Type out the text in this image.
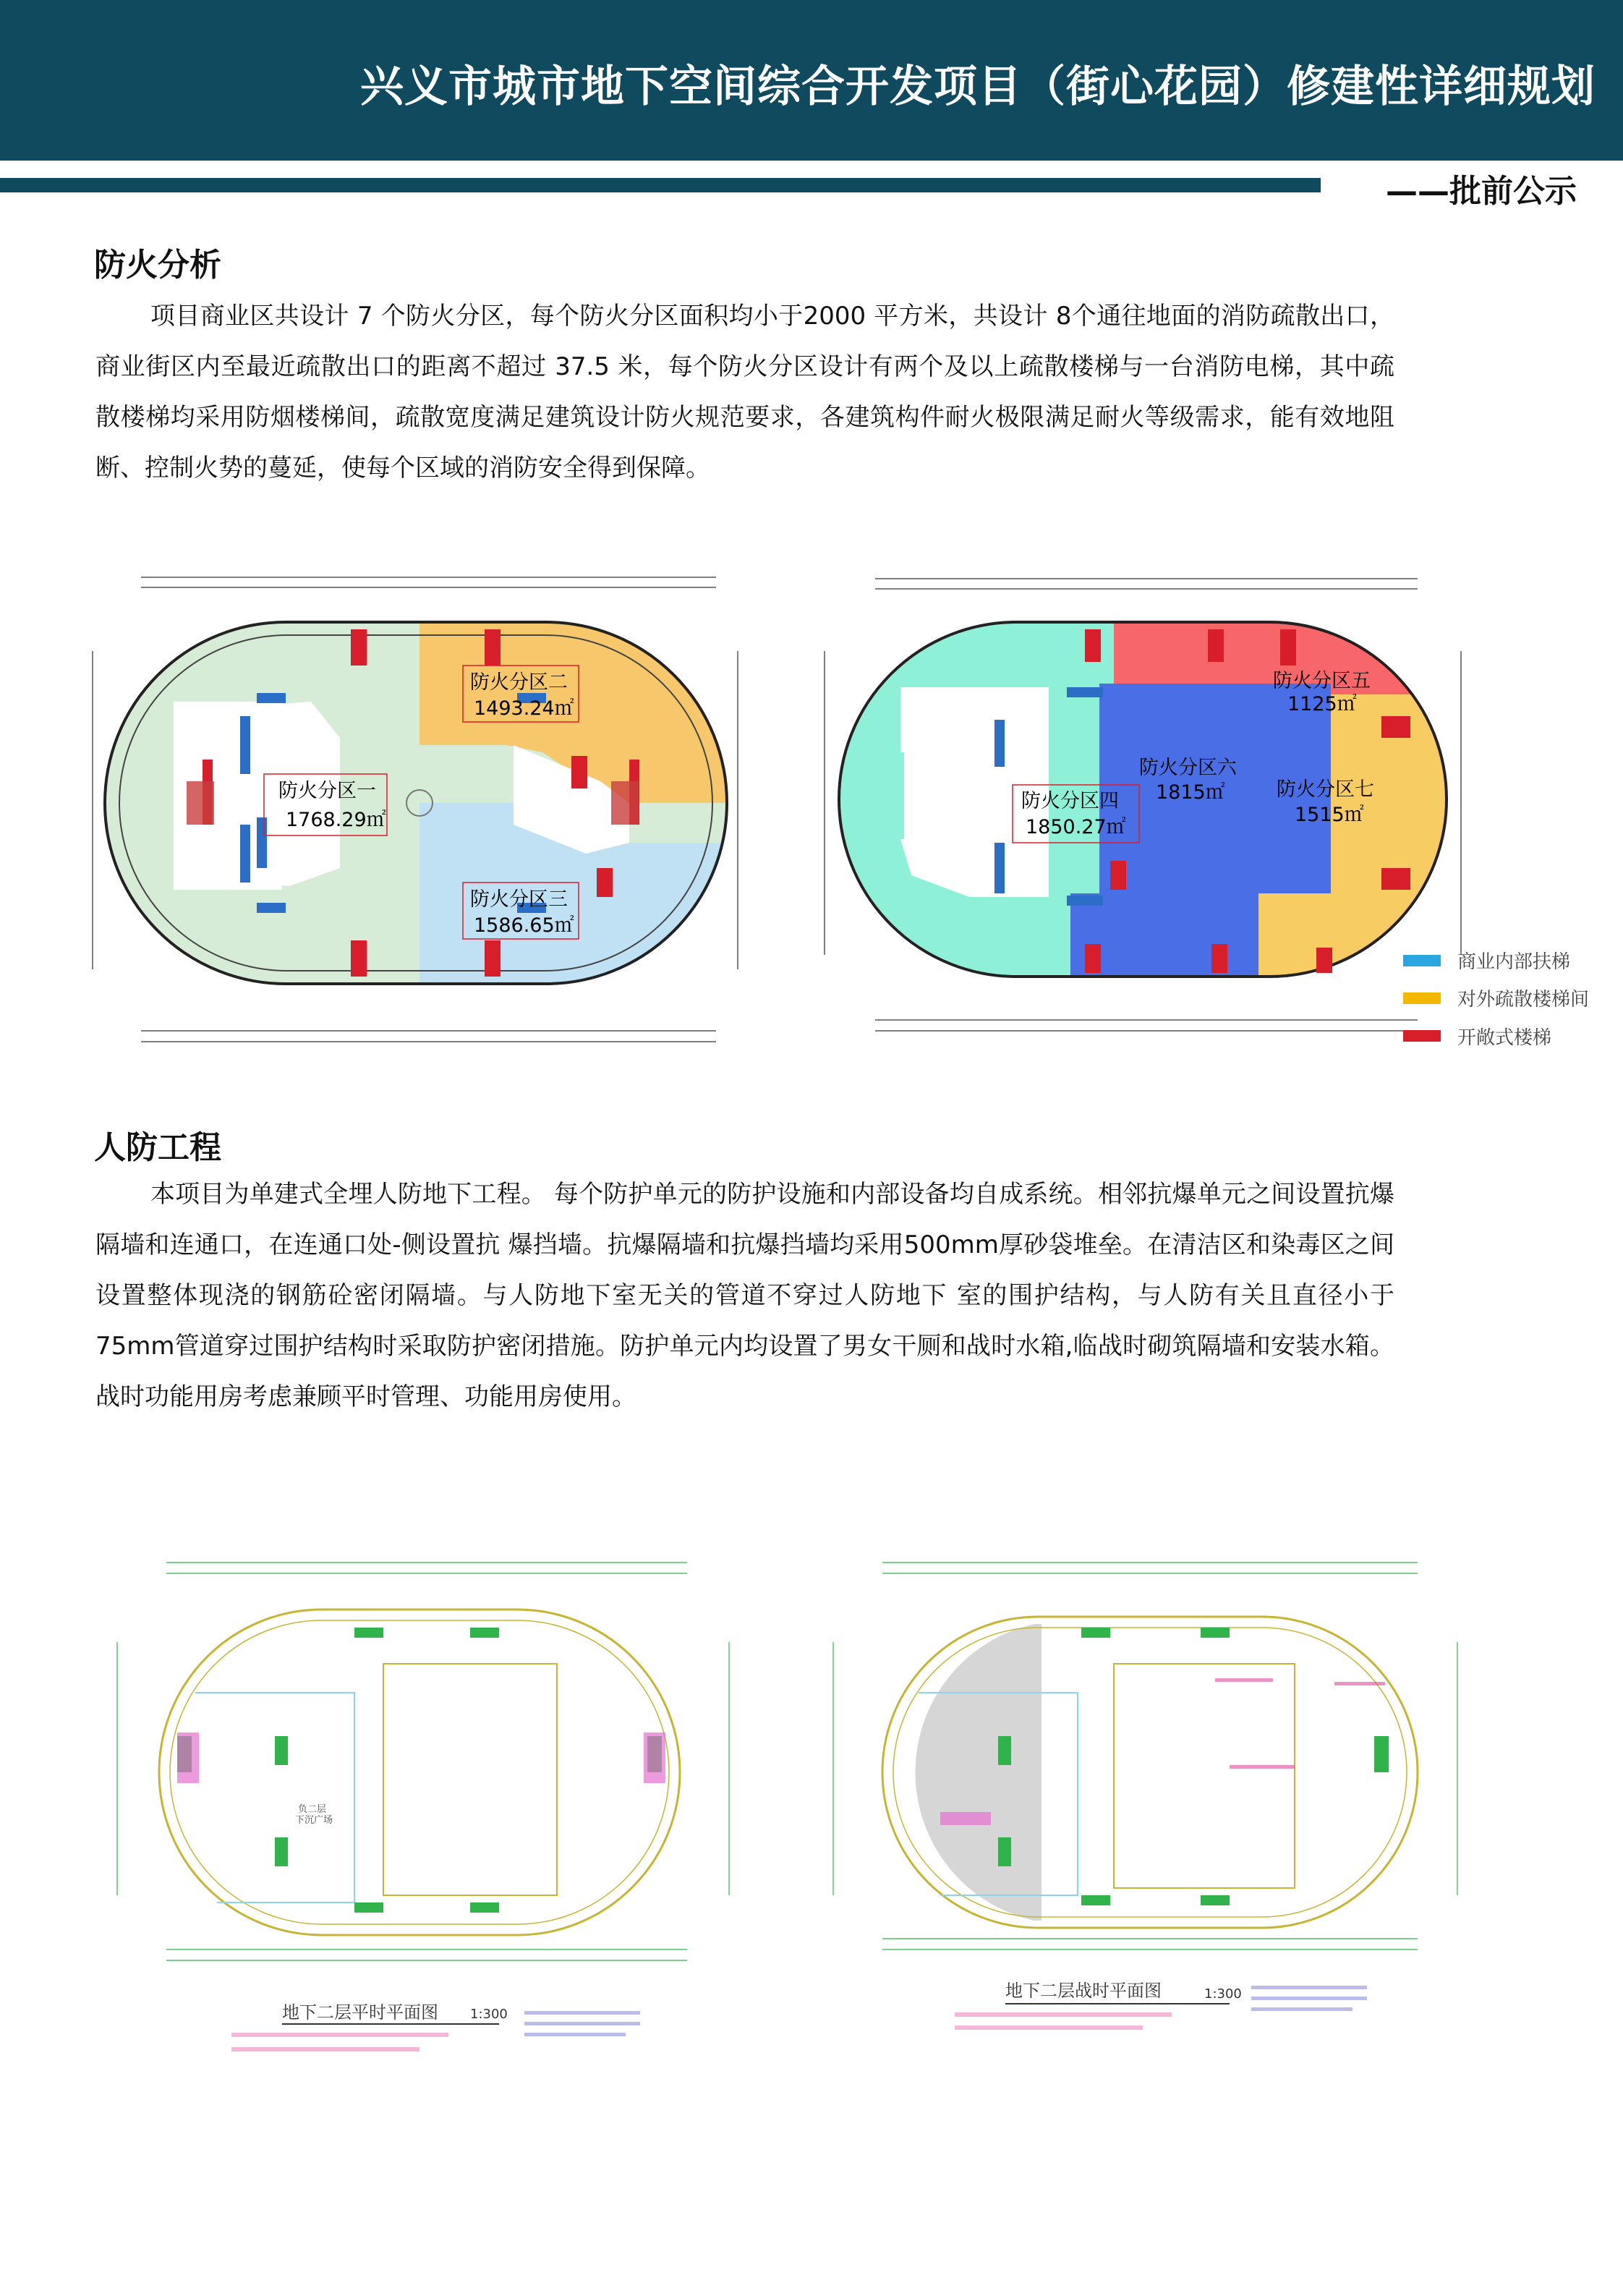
兴义市城市地下空间综合开发项目（街心花园）修建性详细规划
——批前公示
防火分析
项目商业区共设计 7 个防火分区，每个防火分区面积均小于2000 平方米，共设计 8个通往地面的消防疏散出口，商业街区内至最近疏散出口的距离不超过 37.5 米，每个防火分区设计有两个及以上疏散楼梯与一台消防电梯，其中疏散楼梯均采用防烟楼梯间，疏散宽度满足建筑设计防火规范要求，各建筑构件耐火极限满足耐火等级需求，能有效地阻断、控制火势的蔓延，使每个区域的消防安全得到保障。
防火分区一
1768.29㎡
防火分区二
1493.24㎡
防火分区三
1586.65㎡
防火分区四
1850.27㎡
防火分区五
1125㎡
防火分区六
1815㎡	防火分区七
1515㎡
商业内部扶梯
对外疏散楼梯间
开敞式楼梯
人防工程
本项目为单建式全埋人防地下工程。 每个防护单元的防护设施和内部设备均自成系统。相邻抗爆单元之间设置抗爆隔墙和连通口，在连通口处-侧设置抗 爆挡墙。抗爆隔墙和抗爆挡墙均采用500mm厚砂袋堆垒。在清洁区和染毒区之间设置整体现浇的钢筋砼密闭隔墙。与人防地下室无关的管道不穿过人防地下 室的围护结构，与人防有关且直径小于75mm管道穿过围护结构时采取防护密闭措施。防护单元内均设置了男女干厕和战时水箱,临战时砌筑隔墙和安装水箱。 战时功能用房考虑兼顾平时管理、功能用房使用。
负二层
下沉广场
地下二层平时平面图 1:300
地下二层战时平面图	1:300
